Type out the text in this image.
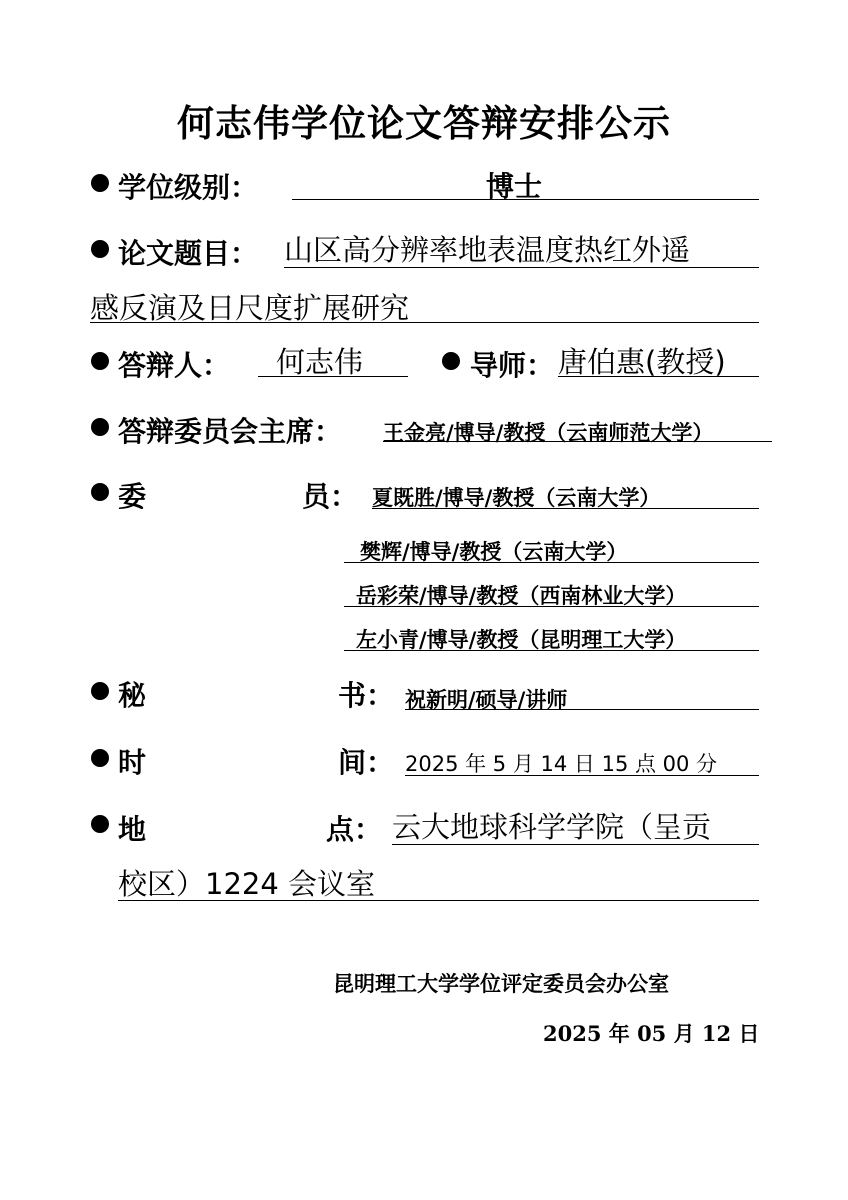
何志伟学位论文答辩安排公示
学位级别：	博士
论文题目： 山区高分辨率地表温度热红外遥
感反演及日尺度扩展研究
答辩人： 何志伟	导师： 唐伯惠(教授)
答辩委员会主席： 王金亮/博导/教授（云南师范大学）
委	员： 夏既胜/博导/教授（云南大学）
樊辉/博导/教授（云南大学）
岳彩荣/博导/教授（西南林业大学）
左小青/博导/教授（昆明理工大学）
秘	书： 祝新明/硕导/讲师
时	间： 2025 年 5 月 14 日 15 点 00 分
地	点： 云大地球科学学院（呈贡
校区）1224 会议室
昆明理工大学学位评定委员会办公室
2025 年 05 月 12 日
